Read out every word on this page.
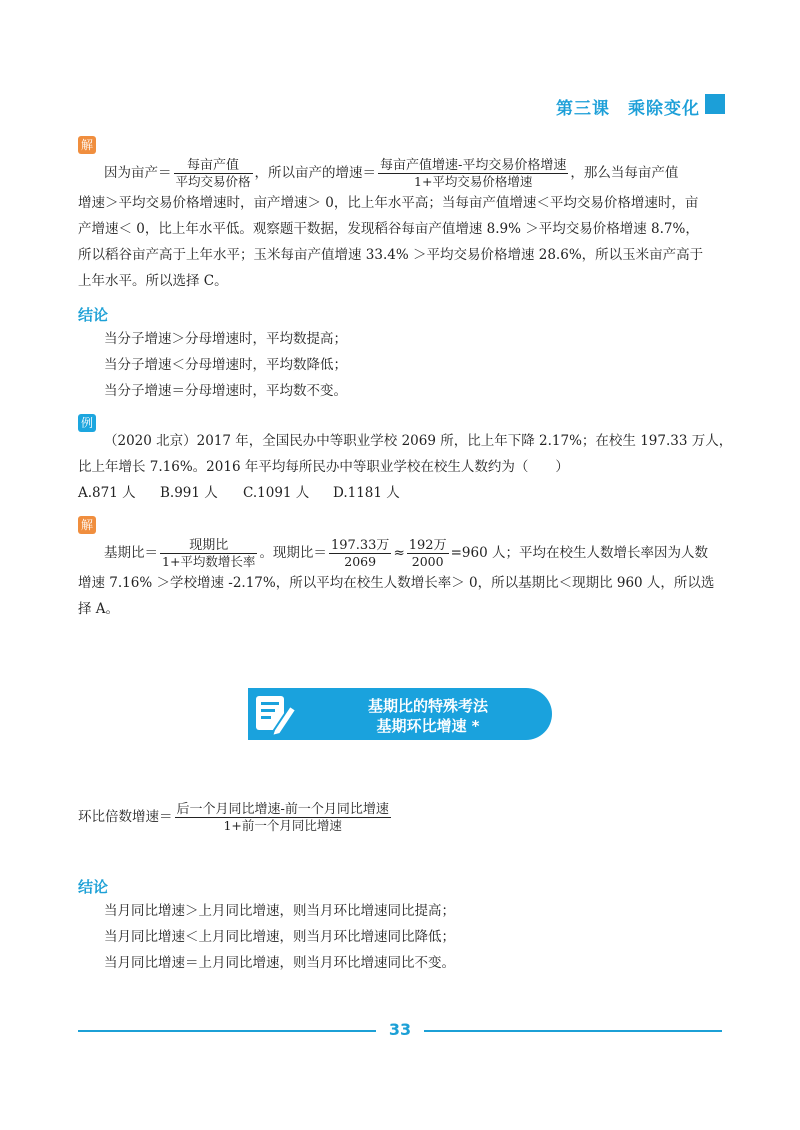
第三课　乘除变化
解
因为亩产＝ $\frac{\text{每亩产值}}{\text{平均交易价格}}$ ，所以亩产的增速＝ $\frac{\text{每亩产值增速-平均交易价格增速}}{\text{1+平均交易价格增速}}$ ，那么当每亩产值
增速＞平均交易价格增速时，亩产增速＞ 0，比上年水平高；当每亩产值增速＜平均交易价格增速时，亩
产增速＜ 0，比上年水平低。观察题干数据，发现稻谷每亩产值增速 8.9% ＞平均交易价格增速 8.7%，
所以稻谷亩产高于上年水平；玉米每亩产值增速 33.4% ＞平均交易价格增速 28.6%，所以玉米亩产高于
上年水平。所以选择 C。
结论
当分子增速＞分母增速时，平均数提高；
当分子增速＜分母增速时，平均数降低；
当分子增速＝分母增速时，平均数不变。
例
（2020 北京）2017 年，全国民办中等职业学校 2069 所，比上年下降 2.17%；在校生 197.33 万人，
比上年增长 7.16%。2016 年平均每所民办中等职业学校在校生人数约为（　　）
A.871 人 B.991 人 C.1091 人 D.1181 人
解
基期比＝ $\frac{\text{现期比}}{\text{1+平均数增长率}}$ 。现期比＝ $\frac{\text{197.33万}}{2069} \approx \frac{\text{192万}}{2000} =960$ 人；平均在校生人数增长率因为人数
增速 7.16% ＞学校增速 -2.17%，所以平均在校生人数增长率＞ 0，所以基期比＜现期比 960 人，所以选
择 A。
基期比的特殊考法
基期环比增速 *
环比倍数增速＝ $\frac{\text{后一个月同比增速-前一个月同比增速}}{\text{1+前一个月同比增速}}$
结论
当月同比增速＞上月同比增速，则当月环比增速同比提高；
当月同比增速＜上月同比增速，则当月环比增速同比降低；
当月同比增速＝上月同比增速，则当月环比增速同比不变。
33
